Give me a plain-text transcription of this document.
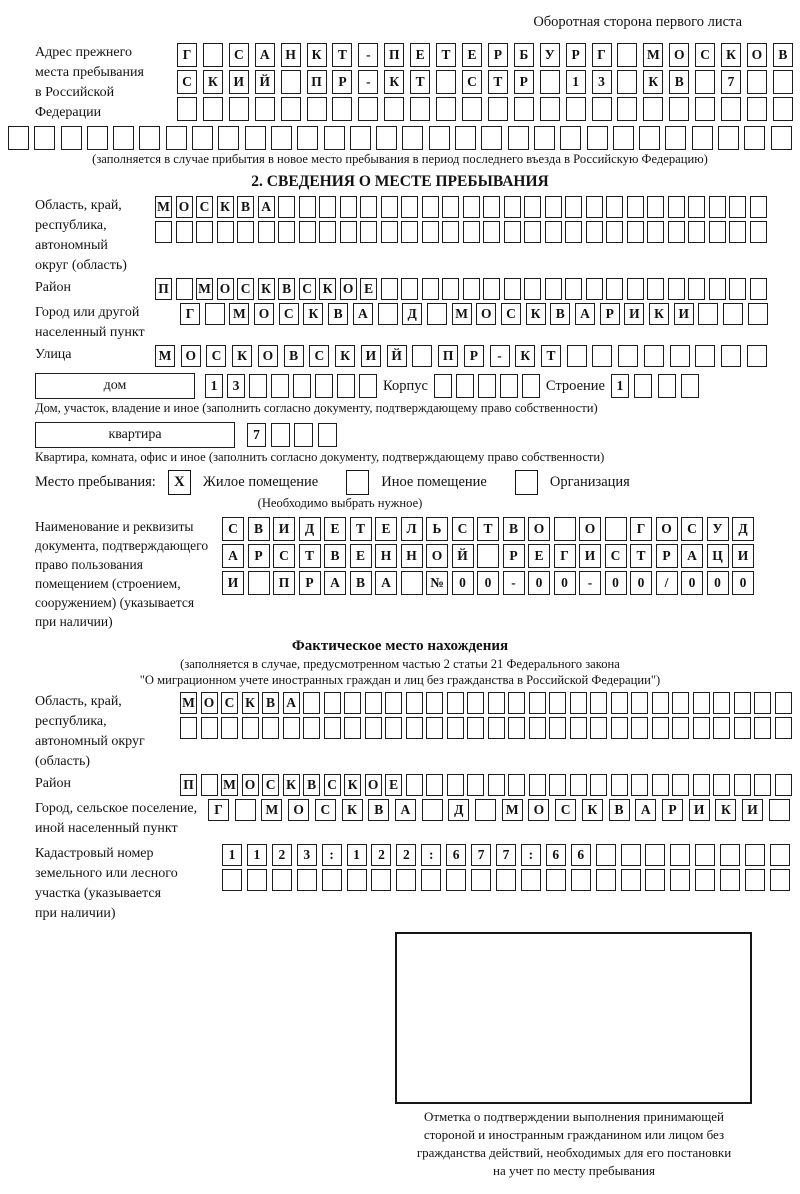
Оборотная сторона первого листа
Адрес прежнего
места пребывания
в Российской
Федерации
Г	С	А	Н	К	Т	-	П	Е	Т	Е	Р	Б	У	Р	Г	М	О	С	К	О	В
С	К	И	Й	П	Р	-	К	Т	С	Т	Р	1	3	К	В	7
(заполняется в случае прибытия в новое место пребывания в период последнего въезда в Российскую Федерацию)
2. СВЕДЕНИЯ О МЕСТЕ ПРЕБЫВАНИЯ
Область, край,
республика,
автономный
округ (область)
М О С К В А
Район	П М О С К В С К О Е
Город или другой
населенный пункт
Г	М О	С	К	В	А	Д	М О	С	К	В	А	Р	И	К	И
Улица	М	О	С	К	О	В	С	К	И	Й	П	Р	-	К	Т
дом	1	3	Корпус	Строение 1
Дом, участок, владение и иное (заполнить согласно документу, подтверждающему право собственности)
квартира	7
Квартира, комната, офис и иное (заполнить согласно документу, подтверждающему право собственности)
Место пребывания:	X	Жилое помещение	Иное помещение	Организация
(Необходимо выбрать нужное)
Наименование и реквизиты
документа, подтверждающего
право пользования
помещением (строением,
сооружением) (указывается
при наличии)
С	В	И	Д	Е	Т	Е	Л	Ь	С	Т	В	О	О	Г	О	С	У	Д
А	Р	С	Т	В	Е	Н	Н	О	Й	Р	Е	Г	И	С	Т	Р	А	Ц	И
И	П	Р	А	В	А	№	0	0	-	0	0	-	0	0	/	0	0	0
Фактическое место нахождения
(заполняется в случае, предусмотренном частью 2 статьи 21 Федерального закона
"О миграционном учете иностранных граждан и лиц без гражданства в Российской Федерации")
Область, край,
республика,
автономный округ
(область)
М О С К В А
Район	П М О С К В С К О Е
Город, сельское поселение,
иной населенный пункт
Г	М	О	С	К	В	А	Д	М	О	С	К	В	А	Р	И	К	И
Кадастровый номер
земельного или лесного
участка (указывается
при наличии)
1	1	2	3	:	1	2	2	:	6	7	7	:	6	6
Отметка о подтверждении выполнения принимающей
стороной и иностранным гражданином или лицом без
гражданства действий, необходимых для его постановки
на учет по месту пребывания
